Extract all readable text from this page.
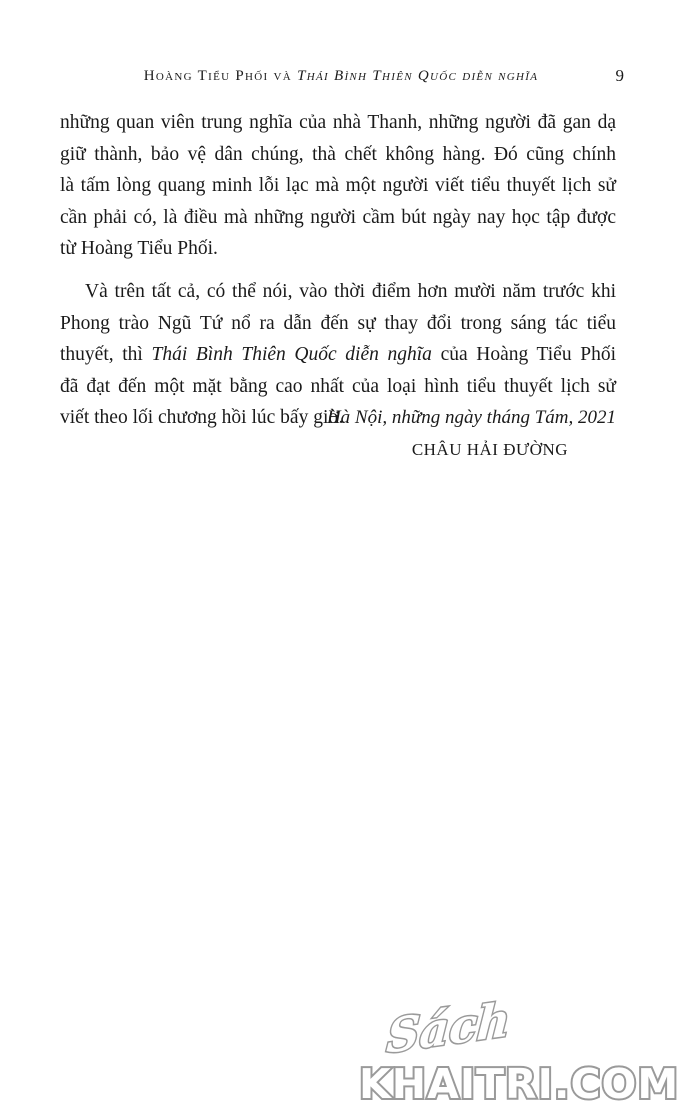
Hoàng Tiểu Phối và Thái Bình Thiên Quốc diễn nghĩa	9
những quan viên trung nghĩa của nhà Thanh, những người đã gan dạ
giữ thành, bảo vệ dân chúng, thà chết không hàng. Đó cũng chính
là tấm lòng quang minh lỗi lạc mà một người viết tiểu thuyết lịch sử
cần phải có, là điều mà những người cầm bút ngày nay học tập được
từ Hoàng Tiểu Phối.
Và trên tất cả, có thể nói, vào thời điểm hơn mười năm trước khi
Phong trào Ngũ Tứ nổ ra dẫn đến sự thay đổi trong sáng tác tiểu
thuyết, thì Thái Bình Thiên Quốc diễn nghĩa của Hoàng Tiểu Phối
đã đạt đến một mặt bằng cao nhất của loại hình tiểu thuyết lịch sử
viết theo lối chương hồi lúc bấy giờ.
Hà Nội, những ngày tháng Tám, 2021
CHÂU HẢI ĐƯỜNG
Sách
KHAITRI.COM
